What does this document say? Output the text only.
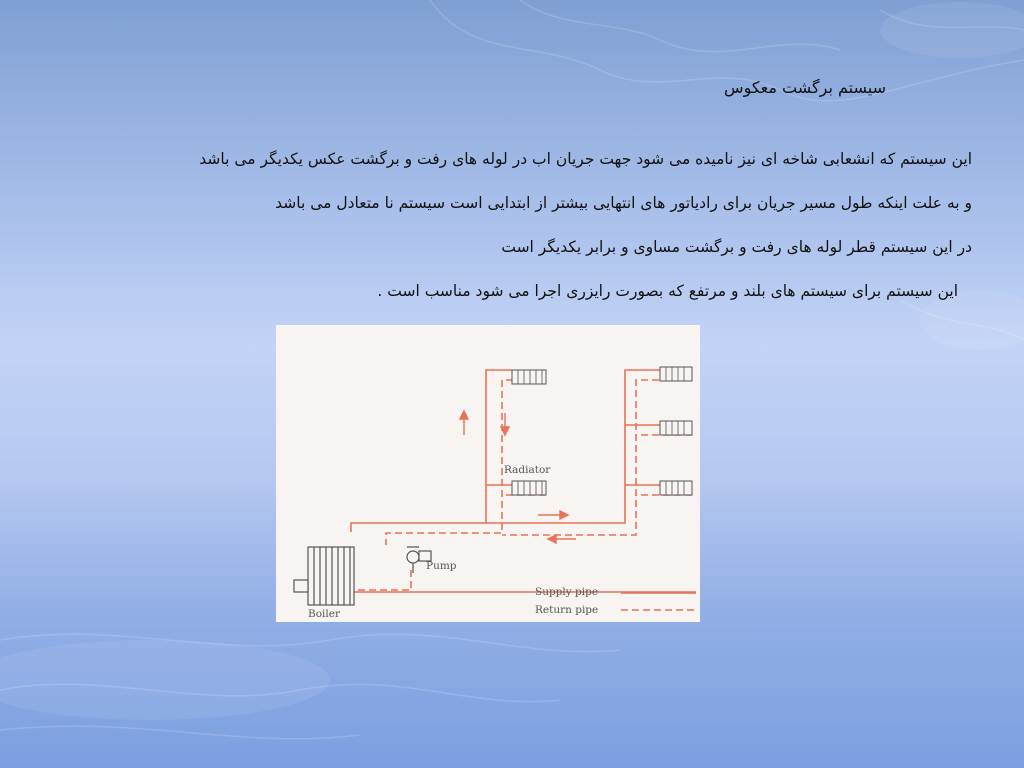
سیستم برگشت معکوس
این سیستم که انشعابی شاخه ای نیز نامیده می شود جهت جریان اب در لوله های رفت و برگشت عکس یکدیگر می باشد
و به علت اینکه طول مسیر جریان برای رادیاتور های انتهایی بیشتر از ابتدایی است سیستم نا متعادل می باشد
در این سیستم قطر لوله های رفت و برگشت مساوی و برابر یکدیگر است
این سیستم برای سیستم های بلند و مرتفع که بصورت رایزری اجرا می شود مناسب است .
Radiator
Pump
Boiler
Supply pipe
Return pipe
